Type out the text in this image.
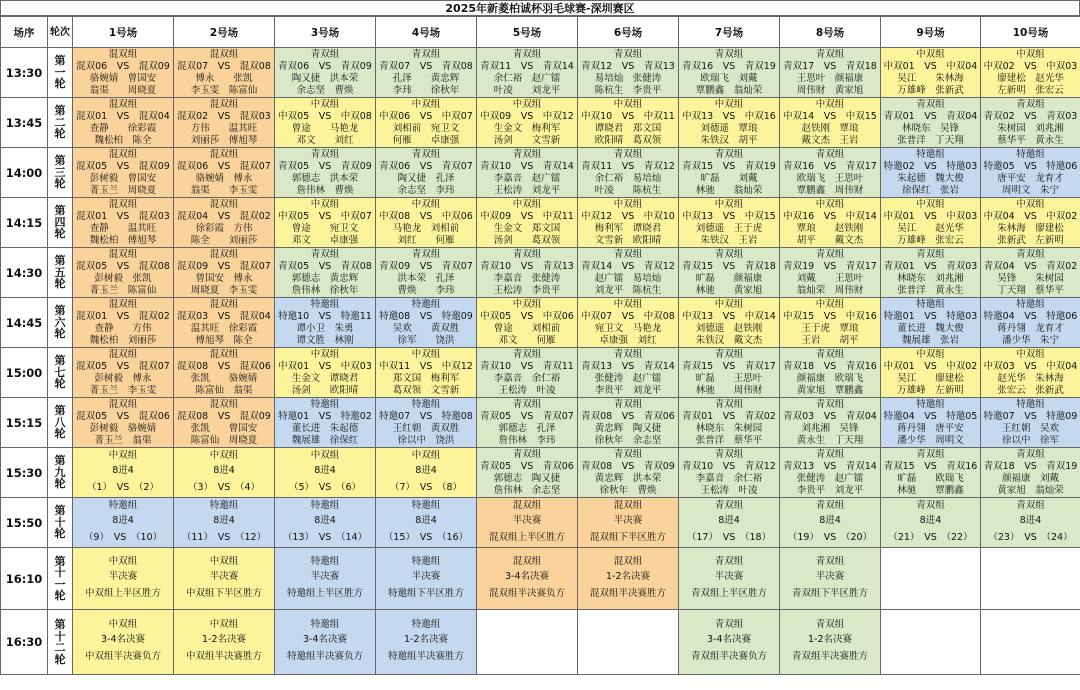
2025年新菱柏诚杯羽毛球赛-深圳赛区
场序	轮次	1号场	2号场	3号场	4号场	5号场	6号场	7号场	8号场	9号场	10号场
13:30	第
一
轮	混双组
混双06　VS　混双09
骆婉婧　曾国安
翁渠　　周晓夏	混双组
混双07　VS　混双08
傅永　　张凯
李玉雯　陈富仙	青双组
青双06　VS　青双09
陶又捷　洪本荣
余志坚　曹焕	青双组
青双07　VS　青双08
孔泽　　黄忠辉
李玮　　徐秋年	青双组
青双11　VS　青双14
余仁裕　赵广镭
叶凌　　刘龙平	青双组
青双12　VS　青双13
易培灿　张健涛
陈杭生　李贵平	青双组
青双16　VS　青双19
欧瑞飞　刘戴
覃鹏鑫　翁灿荣	青双组
青双17　VS　青双18
王思叶　颜福康
周伟财　黄家旭	中双组
中双01　VS　中双04
吴江　　朱林海
万雄峰　张新武	中双组
中双02　VS　中双03
廖建松　赵光华
左新明　张宏云

13:45	第
二
轮	混双组
混双01　VS　混双04
查静　　徐彩霞
魏松柏　陈全	混双组
混双02　VS　混双03
方伟　　温其旺
刘丽莎　傅旭琴	中双组
中双05　VS　中双08
曾途　　马艳龙
邓文　　刘红	中双组
中双06　VS　中双07
刘相前　宛卫文
何雁　　卓康强	中双组
中双09　VS　中双12
生金文　梅利军
汤剑　　文雪新	中双组
中双10　VS　中双11
谭晓君　郑文国
欧阳晴　葛双领	中双组
中双13　VS　中双16
刘德遥　覃琅
朱铁汉　胡平	中双组
中双14　VS　中双15
赵铁刚　覃琅
戴文杰　王岩	青双组
青双01　VS　青双04
林晓东　吴锋
张普洋　丁天翔	青双组
青双02　VS　青双03
朱树园　刘兆湘
蔡华平　黄永生

14:00	第
三
轮	混双组
混双05　VS　混双09
彭树毅　曾国安
菁玉兰　周晓夏	混双组
混双06　VS　混双07
骆婉婧　傅永
翁渠　　李玉雯	青双组
青双05　VS　青双09
郭德志　洪本荣
詹伟林　曹焕	青双组
青双06　VS　青双07
陶又捷　孔泽
余志坚　李玮	青双组
青双10　VS　青双14
李嘉音　赵广镭
王松涛　刘龙平	青双组
青双11　VS　青双12
余仁裕　易培灿
叶凌　　陈杭生	青双组
青双15　VS　青双19
旷磊　　刘戴
林驰　　翁灿荣	青双组
青双16　VS　青双17
欧瑞飞　王思叶
覃鹏鑫　周伟财	特邀组
特邀02　VS　特邀03
朱起德　魏大俊
徐保红　张岩	特邀组
特邀05　VS　特邀06
唐平安　龙育才
周明文　朱宁

14:15	第
四
轮	混双组
混双01　VS　混双03
查静　　温其旺
魏松柏　傅旭琴	混双组
混双04　VS　混双02
徐彩霞　方伟
陈全　　刘丽莎	中双组
中双05　VS　中双07
曾途　　宛卫文
邓文　　卓康强	中双组
中双08　VS　中双06
马艳龙　刘相前
刘红　　何雁	中双组
中双09　VS　中双11
生金文　郑文国
汤剑　　葛双领	中双组
中双12　VS　中双10
梅利军　谭晓君
文雪新　欧阳晴	中双组
中双13　VS　中双15
刘德遥　王于虎
朱铁汉　王岩	中双组
中双16　VS　中双14
覃琅　　赵铁刚
胡平　　戴文杰	中双组
中双01　VS　中双03
吴江　　赵光华
万雄峰　张宏云	中双组
中双04　VS　中双02
朱林海　廖建松
张新武　左新明

14:30	第
五
轮	混双组
混双05　VS　混双08
彭树毅　张凯
菁玉兰　陈富仙	混双组
混双09　VS　混双07
曾国安　傅永
周晓夏　李玉雯	青双组
青双05　VS　青双08
郭德志　黄忠辉
詹伟林　徐秋年	青双组
青双09　VS　青双07
洪本荣　孔泽
曹焕　　李玮	青双组
青双10　VS　青双13
李嘉音　张健涛
王松涛　李贵平	青双组
青双14　VS　青双12
赵广镭　易培灿
刘龙平　陈杭生	青双组
青双15　VS　青双18
旷磊　　颜福康
林驰　　黄家旭	青双组
青双19　VS　青双17
刘戴　　王思叶
翁灿荣　周伟财	青双组
青双01　VS　青双03
林晓东　刘兆湘
张普洋　黄永生	青双组
青双04　VS　青双02
吴锋　　朱树园
丁天翔　蔡华平

14:45	第
六
轮	混双组
混双01　VS　混双02
查静　　方伟
魏松柏　刘丽莎	混双组
混双03　VS　混双04
温其旺　徐彩霞
傅旭琴　陈全	特邀组
特邀10　VS　特邀11
谭小卫　朱勇
谭文胜　林刚	特邀组
特邀08　VS　特邀09
吴欢　　黄双胜
徐军　　饶洪	中双组
中双05　VS　中双06
曾途　　刘相前
邓文　　何雁	中双组
中双07　VS　中双08
宛卫文　马艳龙
卓康强　刘红	中双组
中双13　VS　中双14
刘德遥　赵铁刚
朱铁汉　戴文杰	中双组
中双15　VS　中双16
王于虎　覃琅
王岩　　胡平	特邀组
特邀01　VS　特邀03
董长进　魏大俊
魏展雄　张岩	特邀组
特邀04　VS　特邀06
蒋丹翎　龙育才
潘少华　朱宁

15:00	第
七
轮	混双组
混双05　VS　混双07
彭树毅　傅永
菁玉兰　李玉雯	混双组
混双08　VS　混双06
张凯　　骆婉婧
陈富仙　翁渠	中双组
中双01　VS　中双03
生金文　谭晓君
汤剑　　欧阳晴	中双组
中双11　VS　中双12
郑文国　梅利军
葛双领　文雪新	青双组
青双10　VS　青双11
李嘉音　余仁裕
王松涛　叶凌	青双组
青双13　VS　青双14
张健涛　赵广镭
李贵平　刘龙平	青双组
青双15　VS　青双17
旷磊　　王思叶
林驰　　周伟财	青双组
青双18　VS　青双16
颜福康　欧瑞飞
黄家旭　覃鹏鑫	中双组
中双01　VS　中双02
吴江　　廖建松
万雄峰　左新明	中双组
中双03　VS　中双04
赵光华　朱林海
张宏云　张新武

15:15	第
八
轮	混双组
混双05　VS　混双06
彭树毅　骆婉婧
菁玉兰　翁渠	混双组
混双08　VS　混双09
张凯　　曾国安
陈富仙　周晓夏	特邀组
特邀01　VS　特邀02
董长进　朱起德
魏展雄　徐保红	特邀组
特邀07　VS　特邀08
王红朝　黄双胜
徐以中　饶洪	青双组
青双05　VS　青双07
郭德志　孔泽
詹伟林　李玮	青双组
青双08　VS　青双06
黄忠辉　陶又捷
徐秋年　余志坚	青双组
青双01　VS　青双02
林晓东　朱树园
张普洋　蔡华平	青双组
青双03　VS　青双04
刘兆湘　吴锋
黄永生　丁天翔	特邀组
特邀04　VS　特邀05
蒋丹翎　唐平安
潘少华　周明文	特邀组
特邀07　VS　特邀09
王红朝　吴欢
徐以中　徐军

15:30	第
九
轮	中双组
8进4
（1）　VS　（2）	中双组
8进4
（3）　VS　（4）	中双组
8进4
（5）　VS　（6）	中双组
8进4
（7）　VS　（8）	青双组
青双05　VS　青双06
郭德志　陶又捷
詹伟林　余志坚	青双组
青双08　VS　青双09
黄忠辉　洪本荣
徐秋年　曹焕	青双组
青双10　VS　青双12
李嘉音　余仁裕
王松涛　叶凌	青双组
青双13　VS　青双14
张健涛　赵广镭
李贵平　刘龙平	青双组
青双15　VS　青双16
旷磊　　欧瑞飞
林驰　　覃鹏鑫	青双组
青双18　VS　青双19
颜福康　刘戴
黄家旭　翁灿荣

15:50	第
十
轮	特邀组
8进4
（9）　VS　（10）	特邀组
8进4
（11）　VS　（12）	特邀组
8进4
（13）　VS　（14）	特邀组
8进4
（15）　VS　（16）	混双组
半决赛
混双组上半区胜方	混双组
半决赛
混双组下半区胜方	青双组
8进4
（17）　VS　（18）	青双组
8进4
（19）　VS　（20）	青双组
8进4
（21）　VS　（22）	青双组
8进4
（23）　VS　（24）

16:10	第
十
一
轮	中双组
半决赛
中双组上半区胜方	中双组
半决赛
中双组下半区胜方	特邀组
半决赛
特邀组上半区胜方	特邀组
半决赛
特邀组下半区胜方	混双组
3-4名决赛
混双组半决赛负方	混双组
1-2名决赛
混双组半决赛胜方	青双组
半决赛
青双组上半区胜方	青双组
半决赛
青双组下半区胜方		

16:30	第
十
二
轮	中双组
3-4名决赛
中双组半决赛负方	中双组
1-2名决赛
中双组半决赛胜方	特邀组
3-4名决赛
特邀组半决赛负方	特邀组
1-2名决赛
特邀组半决赛胜方			青双组
3-4名决赛
青双组半决赛负方	青双组
1-2名决赛
青双组半决赛胜方		
